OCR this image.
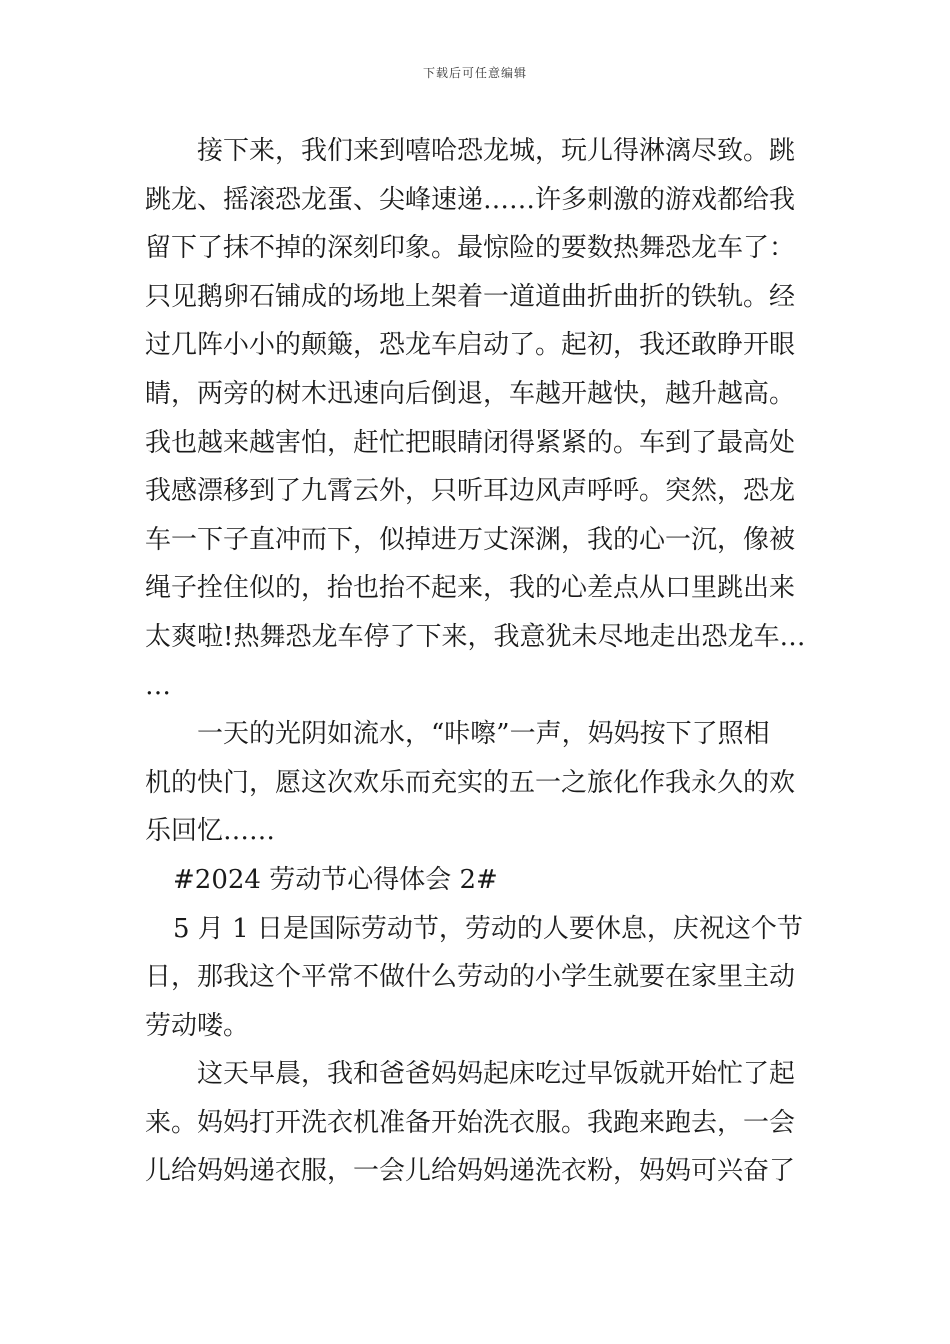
下载后可任意编辑
接下来，我们来到嘻哈恐龙城，玩儿得淋漓尽致。跳
跳龙、摇滚恐龙蛋、尖峰速递……许多刺激的游戏都给我
留下了抹不掉的深刻印象。最惊险的要数热舞恐龙车了：
只见鹅卵石铺成的场地上架着一道道曲折曲折的铁轨。经
过几阵小小的颠簸，恐龙车启动了。起初，我还敢睁开眼
睛，两旁的树木迅速向后倒退，车越开越快，越升越高。
我也越来越害怕，赶忙把眼睛闭得紧紧的。车到了最高处
我感漂移到了九霄云外，只听耳边风声呼呼。突然，恐龙
车一下子直冲而下，似掉进万丈深渊，我的心一沉，像被
绳子拴住似的，抬也抬不起来，我的心差点从口里跳出来
太爽啦!热舞恐龙车停了下来，我意犹未尽地走出恐龙车…
…
一天的光阴如流水，“咔嚓”一声，妈妈按下了照相
机的快门，愿这次欢乐而充实的五一之旅化作我永久的欢
乐回忆……
#2024 劳动节心得体会 2#
5 月 1 日是国际劳动节，劳动的人要休息，庆祝这个节
日，那我这个平常不做什么劳动的小学生就要在家里主动
劳动喽。
这天早晨，我和爸爸妈妈起床吃过早饭就开始忙了起
来。妈妈打开洗衣机准备开始洗衣服。我跑来跑去，一会
儿给妈妈递衣服，一会儿给妈妈递洗衣粉，妈妈可兴奋了
